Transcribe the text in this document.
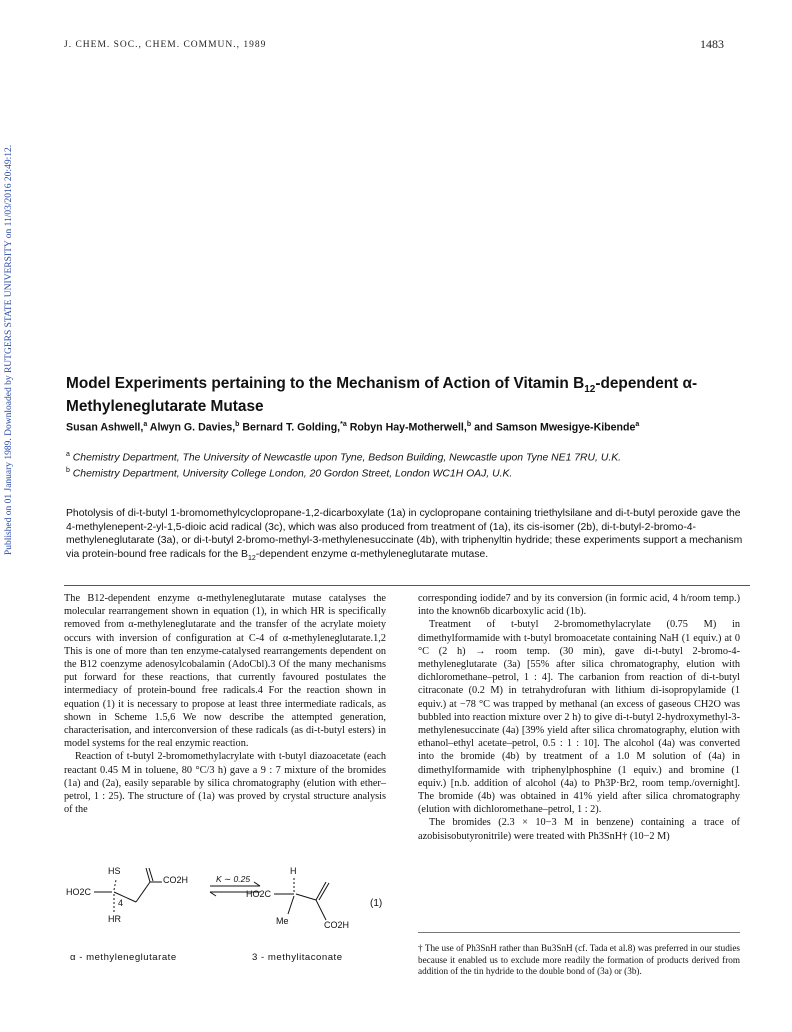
J. CHEM. SOC., CHEM. COMMUN., 1989	1483
Published on 01 January 1989. Downloaded by RUTGERS STATE UNIVERSITY on 11/03/2016 20:49:12.	Model Experiments pertaining to the Mechanism of Action of Vitamin $B_{12}$-dependent α-Methyleneglutarate Mutase
Susan Ashwell,$^a$ Alwyn G. Davies,$^b$ Bernard T. Golding,$^{*a}$ Robyn Hay-Motherwell,$^b$ and Samson Mwesigye-Kibende$^a$

$^a$ Chemistry Department, The University of Newcastle upon Tyne, Bedson Building, Newcastle upon Tyne NE1 7RU, U.K.

$^b$ Chemistry Department, University College London, 20 Gordon Street, London WC1H OAJ, U.K.

Photolysis of di-t-butyl 1-bromomethylcyclopropane-1,2-dicarboxylate (1a) in cyclopropane containing triethylsilane and di-t-butyl peroxide gave the 4-methylenepent-2-yl-1,5-dioic acid radical (3c), which was also produced from treatment of (1a), its cis-isomer (2b), di-t-butyl-2-bromo-4-methyleneglutarate (3a), or di-t-butyl 2-bromo-methyl-3-methylenesuccinate (4b), with triphenyltin hydride; these experiments support a mechanism via protein-bound free radicals for the $B_{12}$-dependent enzyme α-methyleneglutarate mutase.

The B12-dependent enzyme α-methyleneglutarate mutase catalyses the molecular rearrangement shown in equation (1), in which HR is specifically removed from α-methyleneglutarate and the transfer of the acrylate moiety occurs with inversion of configuration at C-4 of α-methyleneglutarate.1,2 This is one of more than ten enzyme-catalysed rearrangements dependent on the B12 coenzyme adenosylcobalamin (AdoCbl).3 Of the many mechanisms put forward for these reactions, that currently favoured postulates the intermediacy of protein-bound free radicals.4 For the reaction shown in equation (1) it is necessary to propose at least three intermediate radicals, as shown in Scheme 1.5,6 We now describe the attempted generation, characterisation, and interconversion of these radicals (as di-t-butyl esters) in model systems for the real enzymic reaction.

Reaction of t-butyl 2-bromomethylacrylate with t-butyl diazoacetate (each reactant 0.45 M in toluene, 80 °C/3 h) gave a 9 : 7 mixture of the bromides (1a) and (2a), easily separable by silica chromatography (elution with ether–petrol, 1 : 25). The structure of (1a) was proved by crystal structure analysis of the

corresponding iodide7 and by its conversion (in formic acid, 4 h/room temp.) into the known6b dicarboxylic acid (1b).

Treatment of t-butyl 2-bromomethylacrylate (0.75 M) in dimethylformamide with t-butyl bromoacetate containing NaH (1 equiv.) at 0 °C (2 h) → room temp. (30 min), gave di-t-butyl 2-bromo-4-methyleneglutarate (3a) [55% after silica chromatography, elution with dichloromethane–petrol, 1 : 4]. The carbanion from reaction of di-t-butyl citraconate (0.2 M) in tetrahydrofuran with lithium di-isopropylamide (1 equiv.) at −78 °C was trapped by methanal (an excess of gaseous CH2O was bubbled into reaction mixture over 2 h) to give di-t-butyl 2-hydroxymethyl-3-methylenesuccinate (4a) [39% yield after silica chromatography, elution with ethanol–ethyl acetate–petrol, 0.5 : 1 : 10]. The alcohol (4a) was converted into the bromide (4b) by treatment of a 1.0 M solution of (4a) in dimethylformamide with triphenylphosphine (1 equiv.) and bromine (1 equiv.) [n.b. addition of alcohol (4a) to Ph3P·Br2, room temp./overnight]. The bromide (4b) was obtained in 41% yield after silica chromatography (elution with dichloromethane–petrol, 1 : 2).

The bromides (2.3 × 10−3 M in benzene) containing a trace of azobisisobutyronitrile) were treated with Ph3SnH† (10−2 M)

HS
HO2C
4
HR
CO2H
H
HO2C
Me	CO2H
K ∼ 0.25
(1)
α - methyleneglutarate	3 - methylitaconate

† The use of Ph3SnH rather than Bu3SnH (cf. Tada et al.8) was preferred in our studies because it enabled us to exclude more readily the formation of products derived from addition of the tin hydride to the double bond of (3a) or (3b).
